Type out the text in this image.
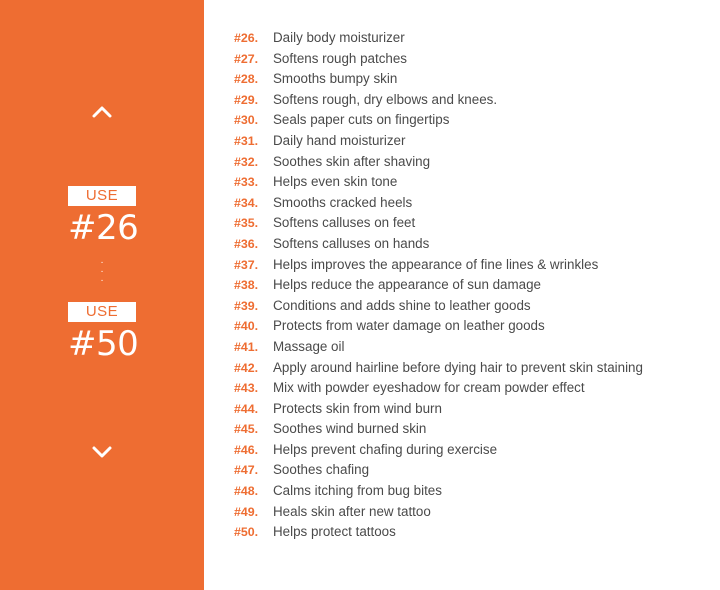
USE
#26
·
·
·
USE
#50
#26. Daily body moisturizer
#27. Softens rough patches
#28. Smooths bumpy skin
#29. Softens rough, dry elbows and knees.
#30. Seals paper cuts on fingertips
#31. Daily hand moisturizer
#32. Soothes skin after shaving
#33. Helps even skin tone
#34. Smooths cracked heels
#35. Softens calluses on feet
#36. Softens calluses on hands
#37. Helps improves the appearance of fine lines & wrinkles
#38. Helps reduce the appearance of sun damage
#39. Conditions and adds shine to leather goods
#40. Protects from water damage on leather goods
#41. Massage oil
#42. Apply around hairline before dying hair to prevent skin staining
#43. Mix with powder eyeshadow for cream powder effect
#44. Protects skin from wind burn
#45. Soothes wind burned skin
#46. Helps prevent chafing during exercise
#47. Soothes chafing
#48. Calms itching from bug bites
#49. Heals skin after new tattoo
#50. Helps protect tattoos
